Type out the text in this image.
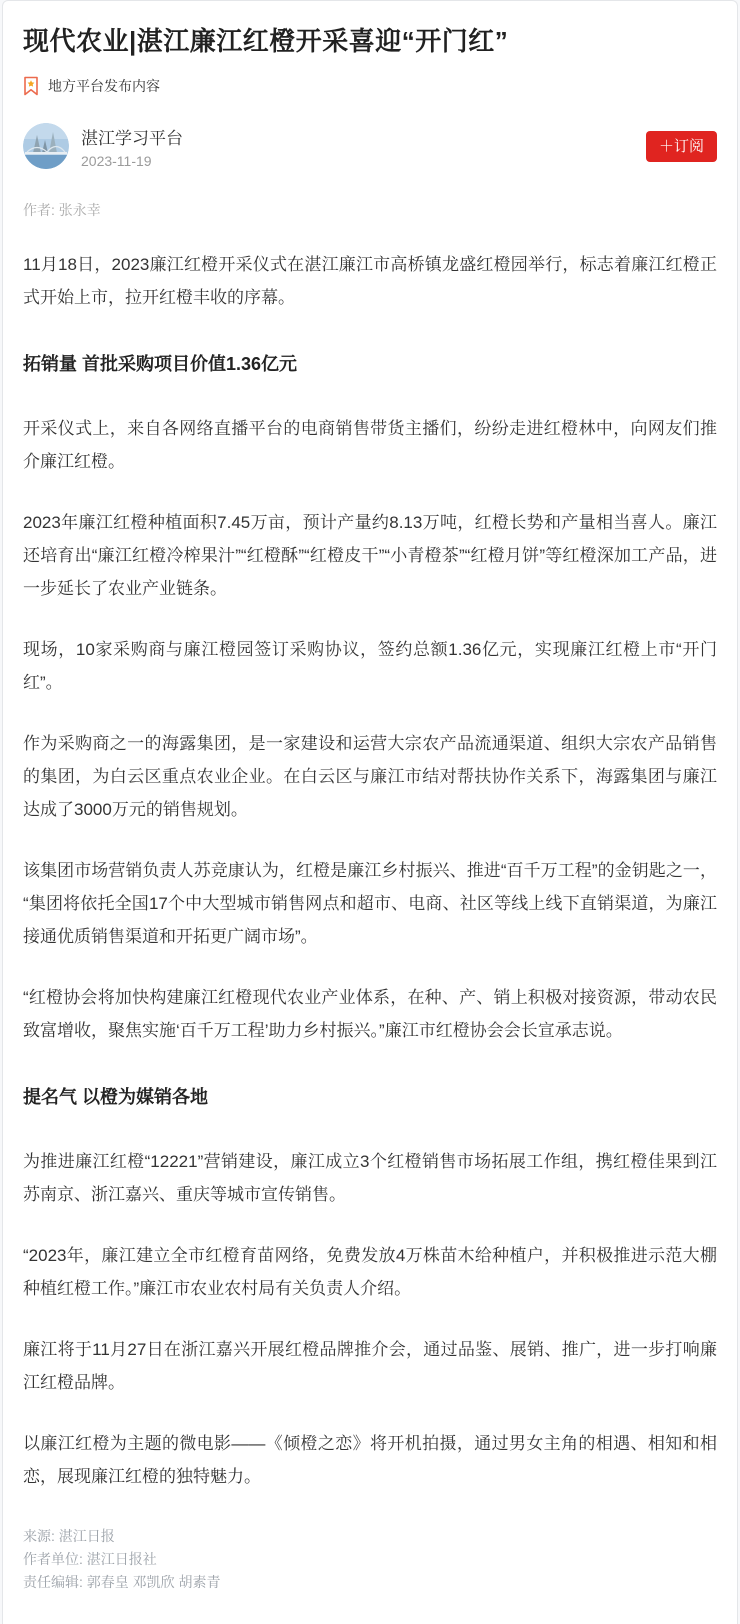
现代农业|湛江廉江红橙开采喜迎“开门红”
地方平台发布内容
湛江学习平台
2023-11-19
＋订阅
作者: 张永幸

11月18日，2023廉江红橙开采仪式在湛江廉江市高桥镇龙盛红橙园举行，标志着廉江红橙正式开始上市，拉开红橙丰收的序幕。

拓销量 首批采购项目价值1.36亿元

开采仪式上，来自各网络直播平台的电商销售带货主播们，纷纷走进红橙林中，向网友们推介廉江红橙。

2023年廉江红橙种植面积7.45万亩，预计产量约8.13万吨，红橙长势和产量相当喜人。廉江还培育出“廉江红橙冷榨果汁”“红橙酥”“红橙皮干”“小青橙茶”“红橙月饼”等红橙深加工产品，进一步延长了农业产业链条。

现场，10家采购商与廉江橙园签订采购协议，签约总额1.36亿元，实现廉江红橙上市“开门红”。

作为采购商之一的海露集团，是一家建设和运营大宗农产品流通渠道、组织大宗农产品销售的集团，为白云区重点农业企业。在白云区与廉江市结对帮扶协作关系下，海露集团与廉江达成了3000万元的销售规划。

该集团市场营销负责人苏竞康认为，红橙是廉江乡村振兴、推进“百千万工程”的金钥匙之一，“集团将依托全国17个中大型城市销售网点和超市、电商、社区等线上线下直销渠道，为廉江接通优质销售渠道和开拓更广阔市场”。

“红橙协会将加快构建廉江红橙现代农业产业体系，在种、产、销上积极对接资源，带动农民致富增收，聚焦实施‘百千万工程’助力乡村振兴。”廉江市红橙协会会长宣承志说。

提名气 以橙为媒销各地

为推进廉江红橙“12221”营销建设，廉江成立3个红橙销售市场拓展工作组，携红橙佳果到江苏南京、浙江嘉兴、重庆等城市宣传销售。

“2023年，廉江建立全市红橙育苗网络，免费发放4万株苗木给种植户，并积极推进示范大棚种植红橙工作。”廉江市农业农村局有关负责人介绍。

廉江将于11月27日在浙江嘉兴开展红橙品牌推介会，通过品鉴、展销、推广，进一步打响廉江红橙品牌。

以廉江红橙为主题的微电影——《倾橙之恋》将开机拍摄，通过男女主角的相遇、相知和相恋，展现廉江红橙的独特魅力。

来源: 湛江日报

作者单位: 湛江日报社

责任编辑: 郭春皇 邓凯欣 胡素青
